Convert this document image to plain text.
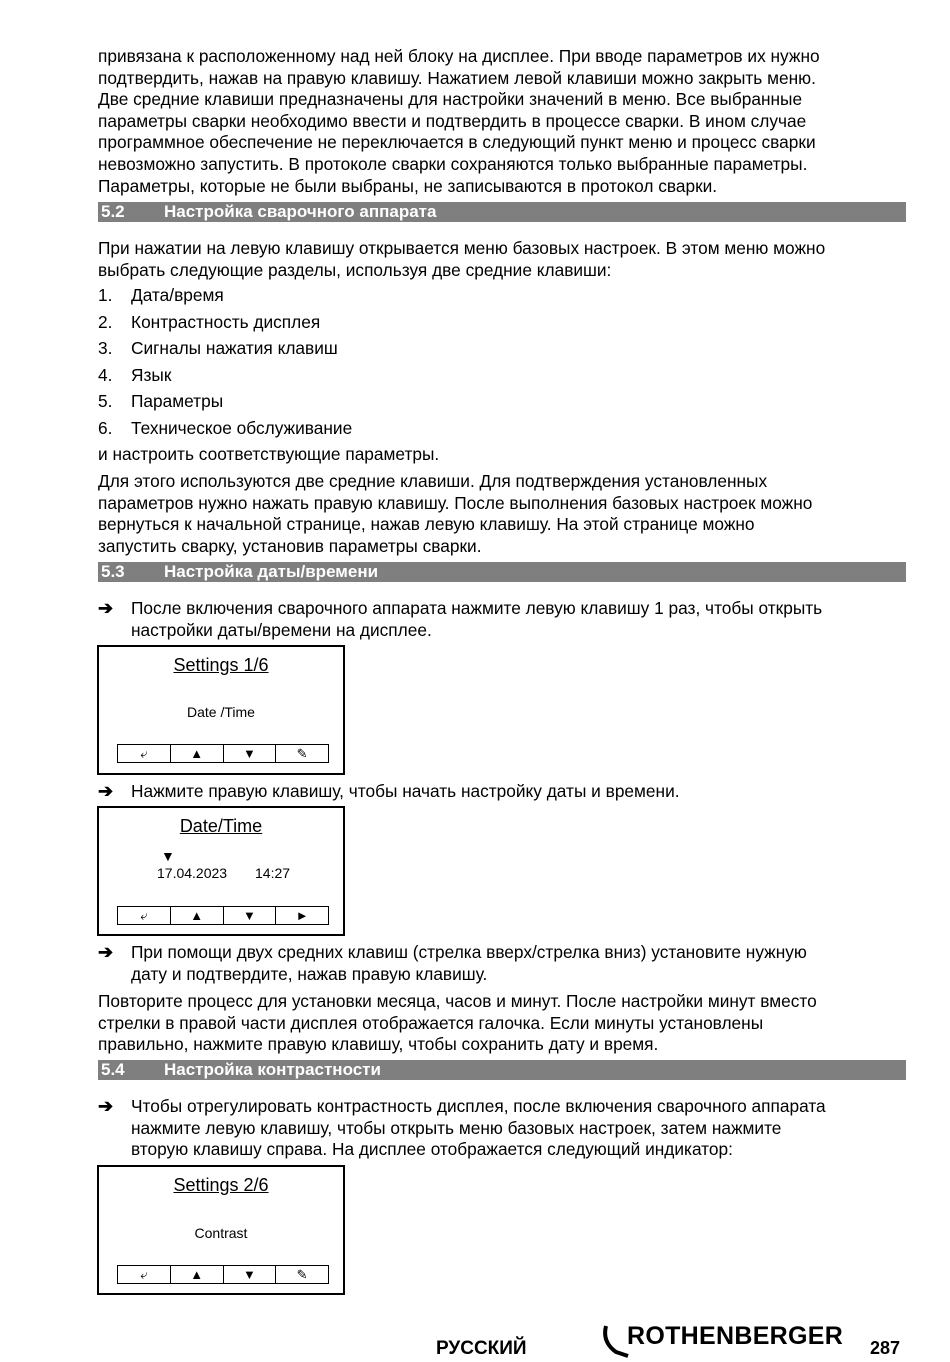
привязана к расположенному над ней блоку на дисплее. При вводе параметров их нужно
подтвердить, нажав на правую клавишу. Нажатием левой клавиши можно закрыть меню.
Две средние клавиши предназначены для настройки значений в меню. Все выбранные
параметры сварки необходимо ввести и подтвердить в процессе сварки. В ином случае
программное обеспечение не переключается в следующий пункт меню и процесс сварки
невозможно запустить. В протоколе сварки сохраняются только выбранные параметры.
Параметры, которые не были выбраны, не записываются в протокол сварки.
5.2 Настройка сварочного аппарата
При нажатии на левую клавишу открывается меню базовых настроек. В этом меню можно
выбрать следующие разделы, используя две средние клавиши:
1. Дата/время
2. Контрастность дисплея
3. Сигналы нажатия клавиш
4. Язык
5. Параметры
6. Техническое обслуживание
и настроить соответствующие параметры.
Для этого используются две средние клавиши. Для подтверждения установленных
параметров нужно нажать правую клавишу. После выполнения базовых настроек можно
вернуться к начальной странице, нажав левую клавишу. На этой странице можно
запустить сварку, установив параметры сварки.
5.3 Настройка даты/времени
➔ После включения сварочного аппарата нажмите левую клавишу 1 раз, чтобы открыть
настройки даты/времени на дисплее.
Settings 1/6
Date /Time
⤶	▲	▼	✎
➔ Нажмите правую клавишу, чтобы начать настройку даты и времени.
Date/Time
▼
17.04.2023 14:27
⤶	▲	▼	►
➔ При помощи двух средних клавиш (стрелка вверх/стрелка вниз) установите нужную
дату и подтвердите, нажав правую клавишу.
Повторите процесс для установки месяца, часов и минут. После настройки минут вместо
стрелки в правой части дисплея отображается галочка. Если минуты установлены
правильно, нажмите правую клавишу, чтобы сохранить дату и время.
5.4 Настройка контрастности
➔ Чтобы отрегулировать контрастность дисплея, после включения сварочного аппарата
нажмите левую клавишу, чтобы открыть меню базовых настроек, затем нажмите
вторую клавишу справа. На дисплее отображается следующий индикатор:
Settings 2/6
Contrast
⤶	▲	▼	✎
РУССКИЙ	ROTHENBERGER 287
